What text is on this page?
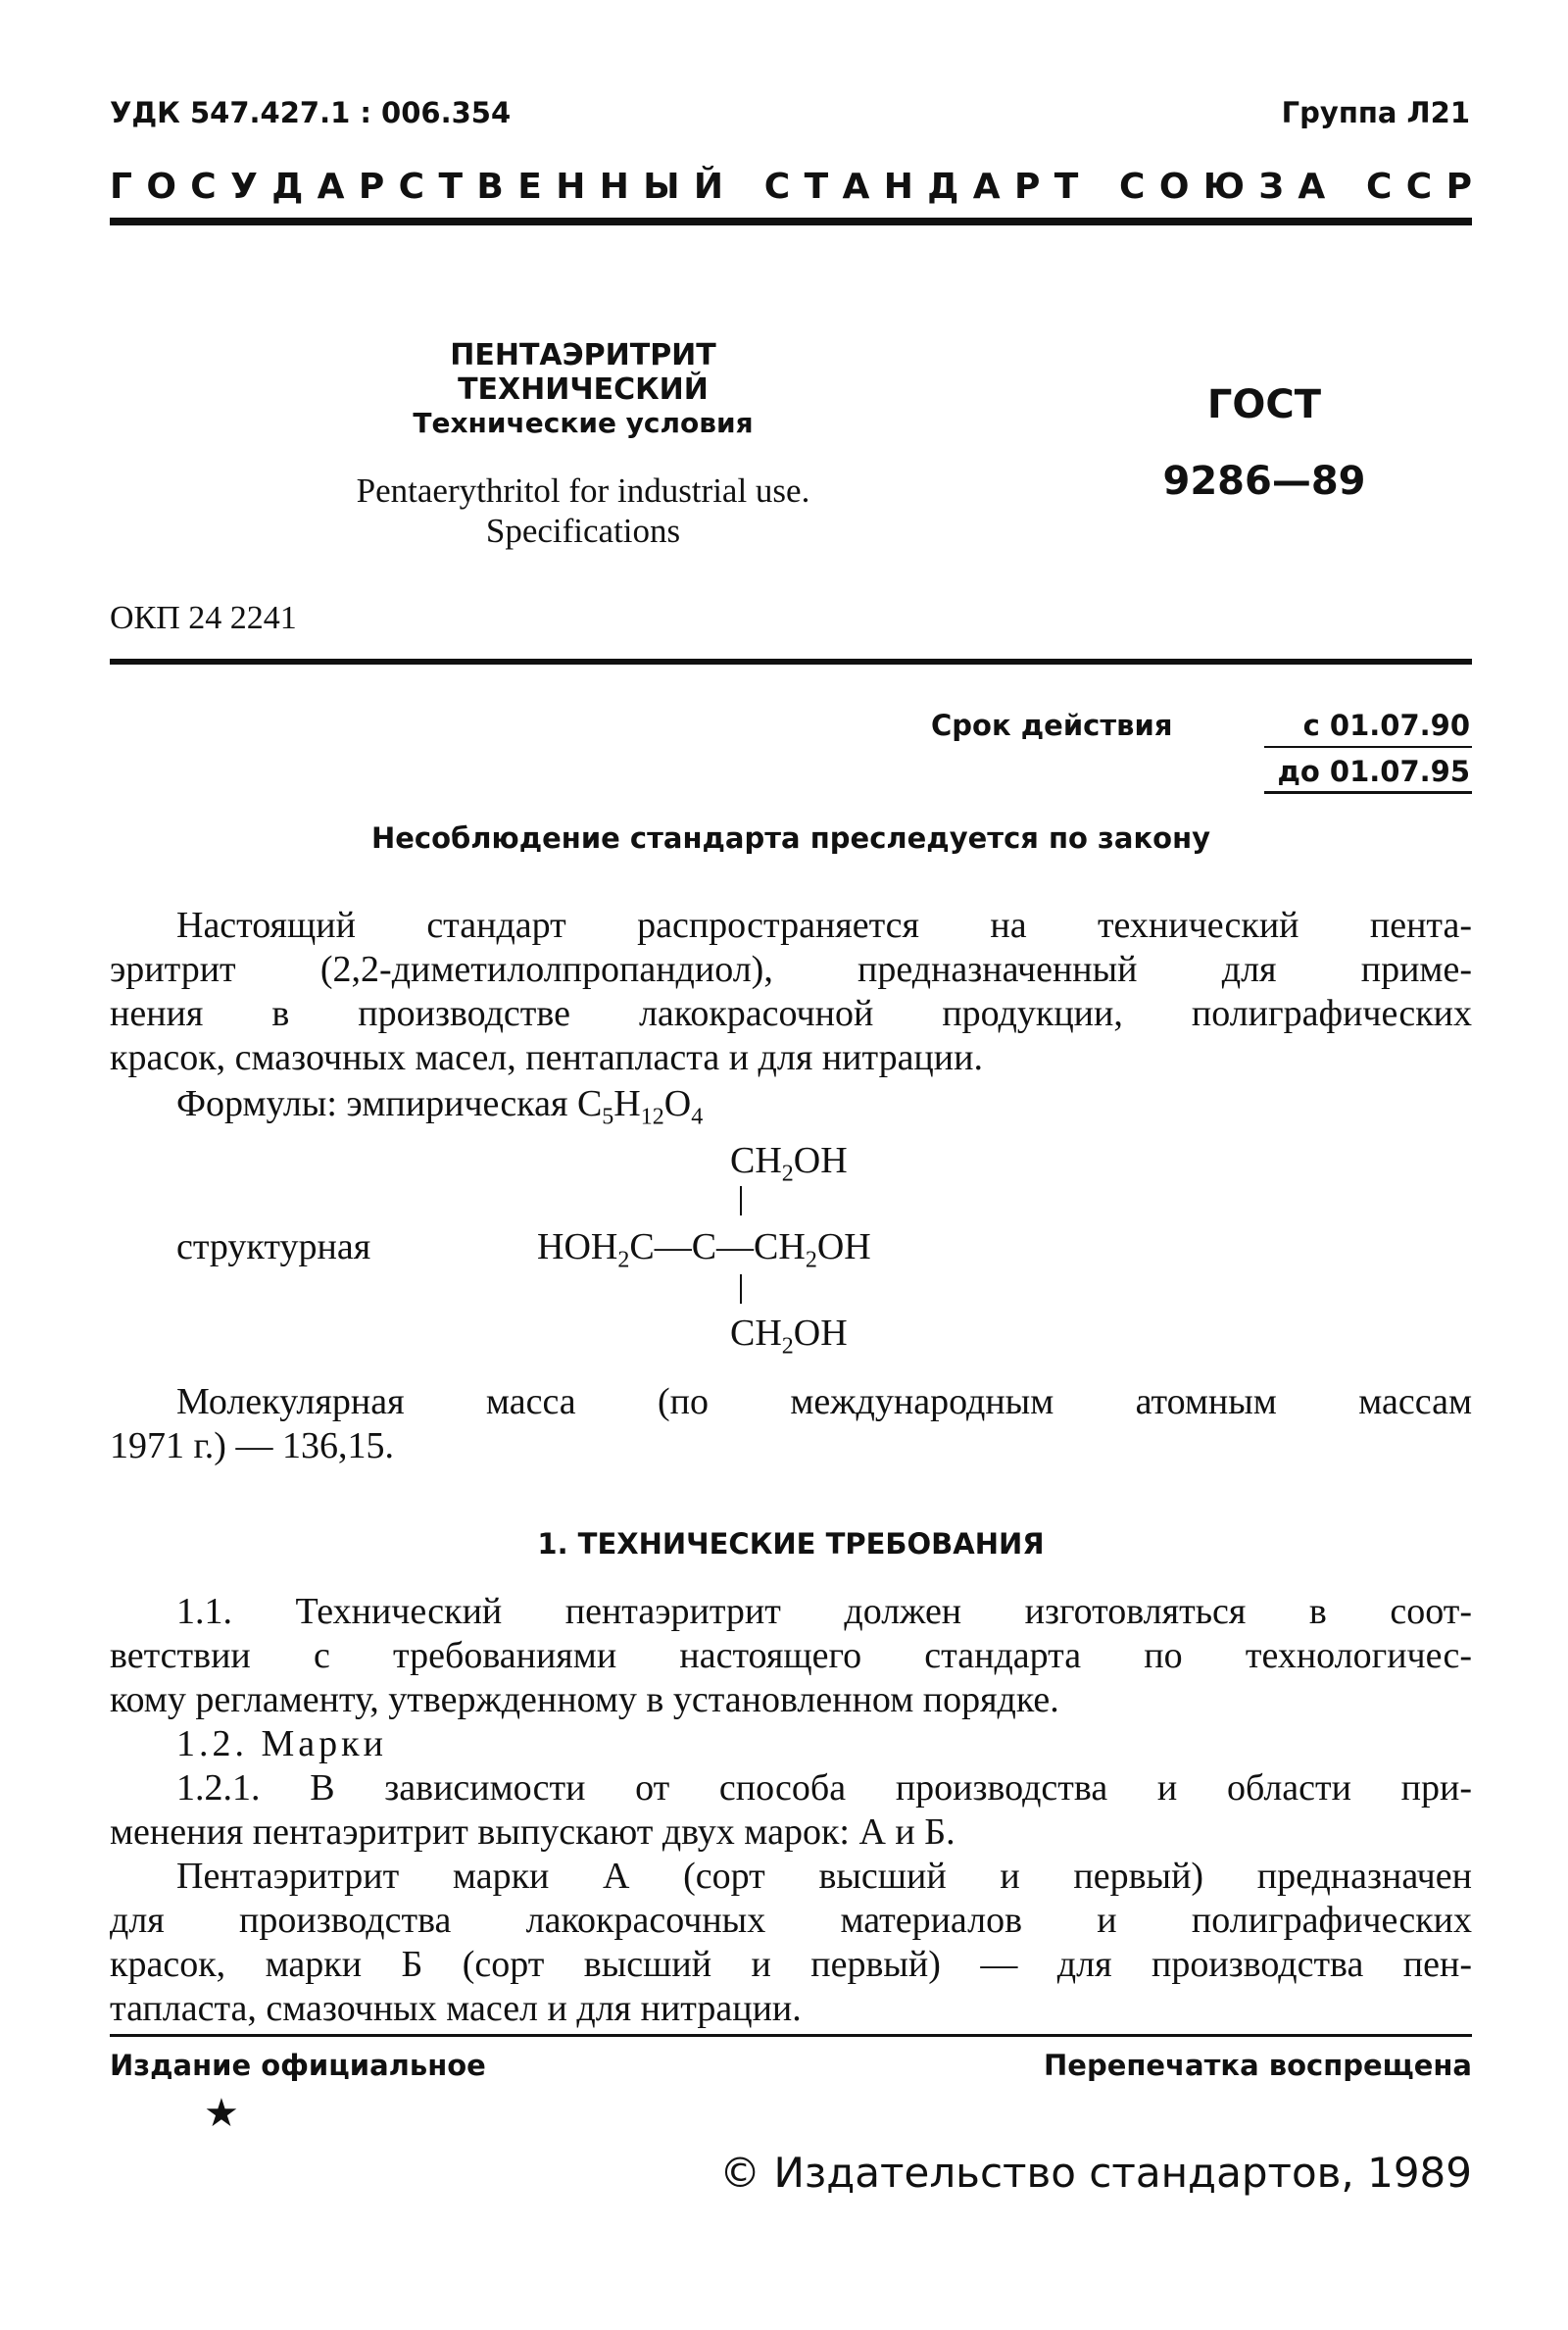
УДК 547.427.1 : 006.354	Группа Л21
Г  О  С  У  Д  А  Р  С  Т  В  Е  Н  Н  Ы  Й С  Т  А  Н  Д  А  Р  Т С  О  Ю  З  А С  С  Р
ПЕНТАЭРИТРИТ ТЕХНИЧЕСКИЙ
Технические условия
Pentaerythritol for industrial use.
Specifications
ГОСТ
9286—89
ОКП 24 2241
Срок действия	с 01.07.90
до 01.07.95
Несоблюдение стандарта преследуется по закону
Настоящий стандарт распространяется на технический пента-
эритрит (2,2-диметилолпропандиол), предназначенный для приме-
нения в производстве лакокрасочной продукции, полиграфических
красок, смазочных масел, пентапласта и для нитрации.
Формулы: эмпирическая $C_5H_{12}O_4$
$CH_2OH$
структурная	$HOH_2C—C—CH_2OH$
$CH_2OH$
Молекулярная масса (по международным атомным массам
1971 г.) — 136,15.
1. ТЕХНИЧЕСКИЕ ТРЕБОВАНИЯ
1.1. Технический пентаэритрит должен изготовляться в соот-
ветствии с требованиями настоящего стандарта по технологичес-
кому регламенту, утвержденному в установленном порядке.
1.2. Марки
1.2.1. В зависимости от способа производства и области при-
менения пентаэритрит выпускают двух марок: А и Б.
Пентаэритрит марки А (сорт высший и первый) предназначен
для производства лакокрасочных материалов и полиграфических
красок, марки Б (сорт высший и первый) — для производства пен-
тапласта, смазочных масел и для нитрации.
Издание официальное	Перепечатка воспрещена
★
© Издательство стандартов, 1989
